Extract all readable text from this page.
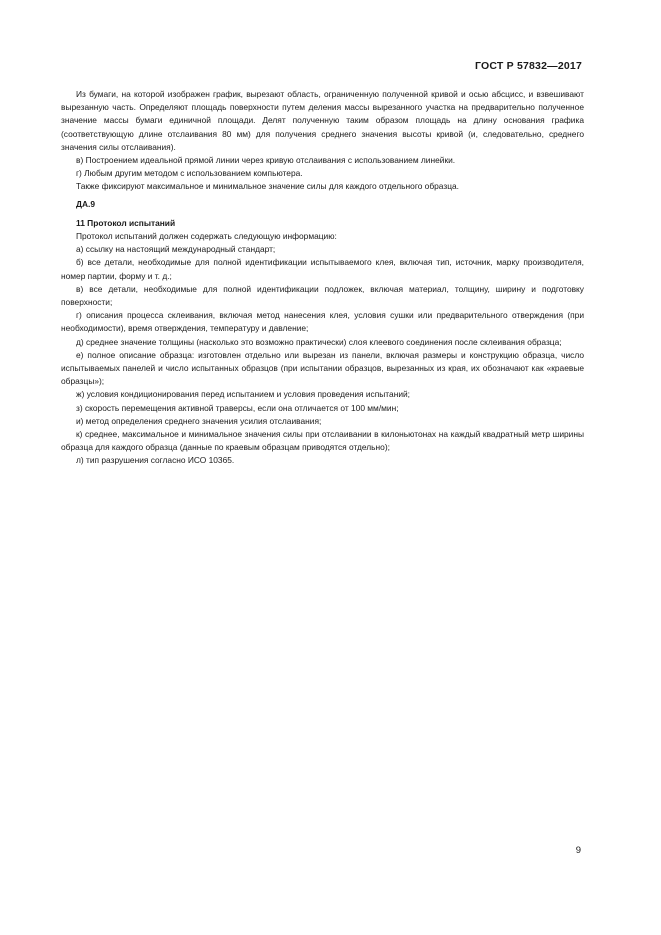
ГОСТ Р 57832—2017

Из бумаги, на которой изображен график, вырезают область, ограниченную полученной кривой и осью абсцисс, и взвешивают вырезанную часть. Определяют площадь поверхности путем деления массы вырезанного участка на предварительно полученное значение массы бумаги единичной площади. Делят полученную таким образом площадь на длину основания графика (соответствующую длине отслаивания 80 мм) для получения среднего значения высоты кривой (и, следовательно, среднего значения силы отслаивания).

в) Построением идеальной прямой линии через кривую отслаивания с использованием линейки.

г) Любым другим методом с использованием компьютера.

Также фиксируют максимальное и минимальное значение силы для каждого отдельного образца.

ДА.9

11 Протокол испытаний

Протокол испытаний должен содержать следующую информацию:

а) ссылку на настоящий международный стандарт;

б) все детали, необходимые для полной идентификации испытываемого клея, включая тип, источник, марку производителя, номер партии, форму и т. д.;

в) все детали, необходимые для полной идентификации подложек, включая материал, толщину, ширину и подготовку поверхности;

г) описания процесса склеивания, включая метод нанесения клея, условия сушки или предварительного отверждения (при необходимости), время отверждения, температуру и давление;

д) среднее значение толщины (насколько это возможно практически) слоя клеевого соединения после склеивания образца;

е) полное описание образца: изготовлен отдельно или вырезан из панели, включая размеры и конструкцию образца, число испытываемых панелей и число испытанных образцов (при испытании образцов, вырезанных из края, их обозначают как «краевые образцы»);

ж) условия кондиционирования перед испытанием и условия проведения испытаний;

з) скорость перемещения активной траверсы, если она отличается от 100 мм/мин;

и) метод определения среднего значения усилия отслаивания;

к) среднее, максимальное и минимальное значения силы при отслаивании в килоньютонах на каждый квадратный метр ширины образца для каждого образца (данные по краевым образцам приводятся отдельно);

л) тип разрушения согласно ИСО 10365.

9
